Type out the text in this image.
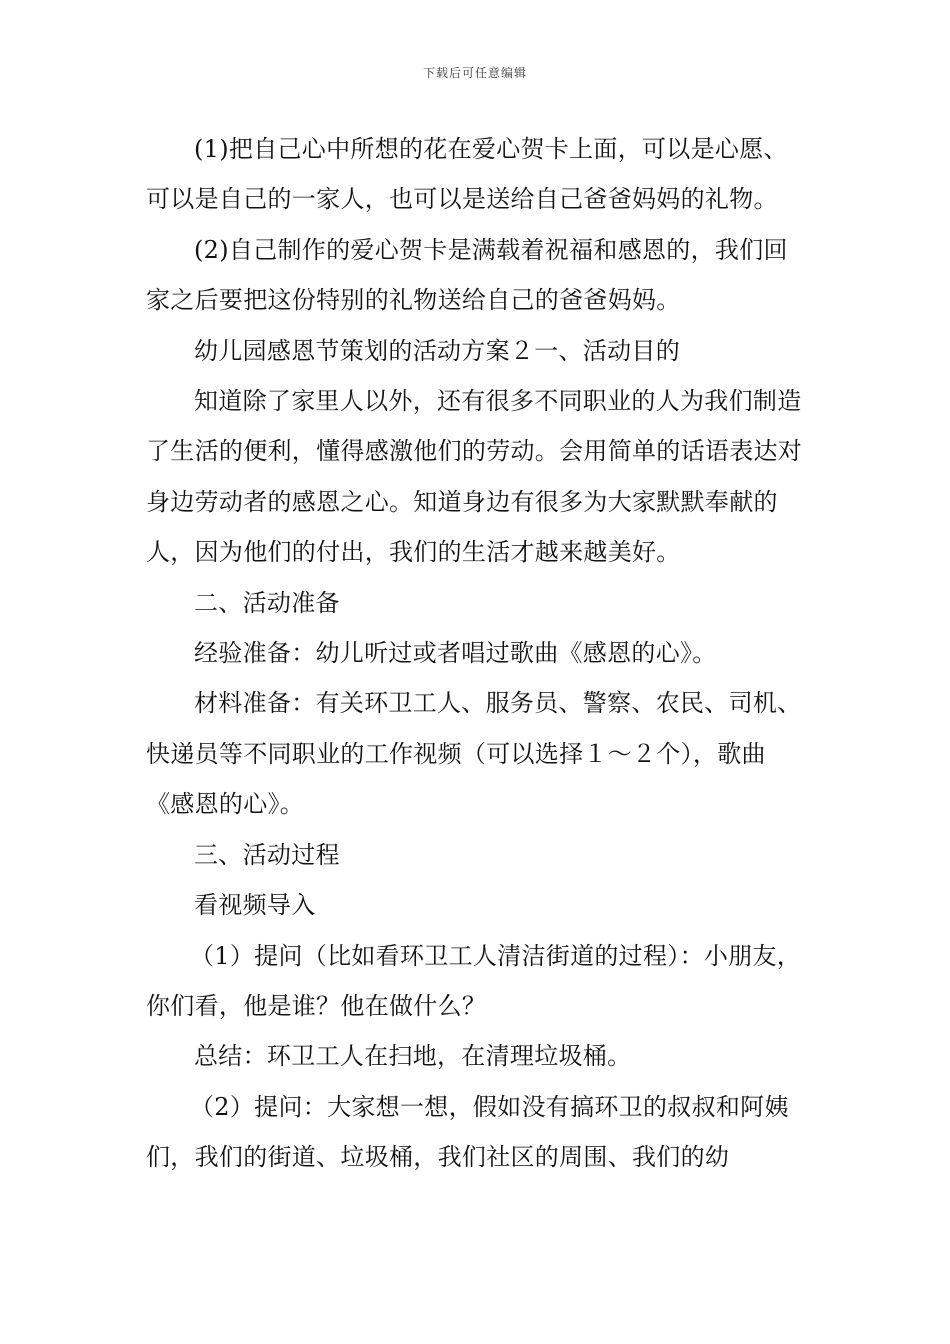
下载后可任意编辑

(1)把自己心中所想的花在爱心贺卡上面，可以是心愿、可以是自己的一家人，也可以是送给自己爸爸妈妈的礼物。

(2)自己制作的爱心贺卡是满载着祝福和感恩的，我们回家之后要把这份特别的礼物送给自己的爸爸妈妈。

幼儿园感恩节策划的活动方案２一、活动目的

知道除了家里人以外，还有很多不同职业的人为我们制造了生活的便利，懂得感激他们的劳动。会用简单的话语表达对身边劳动者的感恩之心。知道身边有很多为大家默默奉献的人，因为他们的付出，我们的生活才越来越美好。

二、活动准备

经验准备：幼儿听过或者唱过歌曲《感恩的心》。

材料准备：有关环卫工人、服务员、警察、农民、司机、快递员等不同职业的工作视频（可以选择１～２个），歌曲《感恩的心》。

三、活动过程

看视频导入

（1）提问（比如看环卫工人清洁街道的过程）：小朋友，你们看，他是谁？他在做什么？

总结：环卫工人在扫地，在清理垃圾桶。

（2）提问：大家想一想，假如没有搞环卫的叔叔和阿姨们，我们的街道、垃圾桶，我们社区的周围、我们的幼
